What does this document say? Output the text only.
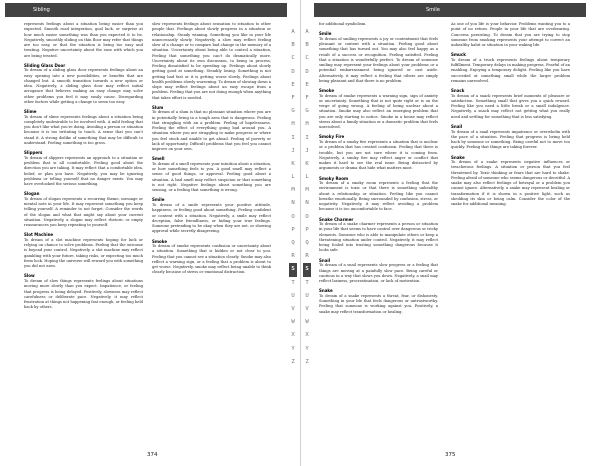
Sibling

represents feelings about a situation being easier than you expected. Smooth road integration, goal luck, or surprise at how much easier something was than you expected it to be. Negatively, smoothly sliding on thin floor may refer that things are too easy, or that the situation is being too easy and treating. Negative uncertainty about the ease with which you are being treated.

Sliding Glass Door

To dream of a sliding glass door represents feelings about an easy opening into a new possibilities, or benefits that are changed but. A smooth transition towards a new option or idea. Negatively, a sliding glass door may reflect initial arrogance that believes making an easy change may solve other problems you feel it may easily cause. Disregarding other factors while getting a change to seem too easy.

Slime

To dream of slime represents feelings about a situation being completely undesirable to be involved with. A mild feeling that you don't like what you're doing. Avoiding a person or situation because it is too irritating to touch. A sense that you can't stand it. A strong dislike of something that may be difficult to understand. Feeling something is too gross.

Slippers

To dream of slippers represents an approach to a situation or problem that is all comfortable. Feeling good about the direction you are taking. It may reflect that a comfortable idea, belief, or plan you have. Negatively, you may be ignoring problems or telling yourself that no danger exists. You may have overlooked the serious something.

Slogan

To dream of slogan represents a recurring theme, message or mental note in your life. It may represent something you keep telling yourself. A reminder to not forget. Consider the words of the slogan and what that might say about your current situation. Negatively, a slogan may reflect rhetoric or empty reassurances you keep repeating to yourself.

Slot Machine

To dream of a slot machine represents hoping for luck or relying on chance to solve problems. Feeling that the outcome is beyond your control. Negatively, a slot machine may reflect gambling with your future, taking risks, or expecting too much from luck. Hoping the universe will reward you with something you did not earn.

Slow

To dream of slow things represents feelings about situations moving more slowly than you expect. Impatience, or feeling that progress is being delayed. Positively, slowness may reflect carefulness or deliberate pace. Negatively, it may reflect frustration at things not happening fast enough, or feeling held back by others.

slow represents feelings about sensation to situation to other people that. Feelings about slowly progress in a situation or relationship. Steady winning. Something you like in your life unnecessarily slowly. Negatively, a slow may reflect feeling slow of a change or to compare bad change in the memory of a situation. Uncertainty about being able to control a situation, Feeling that something you can't do dramatically more. Uncertainty about its own discussion, to being in process, Feeling dissatisfied to be speeding up. Feelings about slowly getting good at something. Steadily losing. Something is not getting bad fast or it is getting worse slowly. Feelings about health problems slowly worsening. To dream of slowing down a slope may reflect feelings about an easy escape from a problem. Feeling that you are not doing enough when anything that takes effort is needed.

Slum

To dream of a slum is that no pleasant situation where you are in potentially living in a tough area that is dangerous. Feeling that struggling with an a problem. Feeling of hopelessness. Feeling the effect of everything going bad around you. A situation where you are struggling to make progress or where you feel stuck and unable to get ahead. Feeling of poverty or lack of opportunity. Difficult problems that you feel you cannot improve on your own.

Smell

To dream of a smell represents your intuition about a situation, or how something feels to you. A good smell may reflect a sense of good things, or approval. Feeling good about a situation. A bad smell may reflect suspicion or that something is not right. Negative feelings about something you are sensing, or a feeling that something is wrong.

Smile

To dream of a smile represents your positive attitude, happiness, or feeling good about something. Feeling confident or content with a situation. Negatively, a smile may reflect deception, false friendliness, or hiding your true feelings. Someone pretending to be okay when they are not, or showing approval while secretly disagreeing.

Smoke

To dream of smoke represents confusion or uncertainty about a situation. Something that is hidden or not clear to you. Feeling that you cannot see a situation clearly. Smoke may also reflect a warning sign, or a feeling that a problem is about to get worse. Negatively, smoke may reflect being unable to think clearly because of stress or emotional distraction.

A
B
C
D
E
F
G
H
I
J
K
L
M
N
O
P
Q
R
S
T
U
V
W
X
Y
Z
374
Smile
A
B
C
D
E
F
G
H
I
J
K
L
M
N
O
P
Q
R
S
T
U
V
W
X
Y
Z

for additional symbolism.

Smile

To dream of smiling represents a joy or contentment that feels pleasant or content with a situation. Feeling good about something that has turned out. You may also feel happy as a result of a success or recognition. Feeling satisfied. Feeling that a situation is wonderfully perfect. To dream of someone smiling may represent your feelings about your problems or a potential embarrassment being ignored or cast aside. Alternatively, it may reflect a feeling that others are simply being pleasant and that there is no problem.

Smoke

To dream of smoke represents a warning sign, sign of anxiety or uncertainty. Something that is not quite right or is on the verge of going wrong. A feeling of being unclear about a situation. Smoke may also reflect an emerging problem that you are only starting to notice. Smoke in a house may reflect stress about a family situation or a domestic problem that feels unresolved.

Smoky Fire

To dream of a smoky fire represents a situation that is unclear or a problem that has created confusion. Feeling that there is trouble, but you are not sure where it is coming from. Negatively, a smoky fire may reflect anger or conflict that makes it hard to see the real issue. Being distracted by arguments or drama that hide what matters most.

Smoky Room

To dream of a smoky room represents a feeling that the environment is toxic or that there is something unhealthy about a relationship or situation. Feeling like you cannot breathe emotionally. Being surrounded by confusion, stress, or negativity. Negatively, it may reflect avoiding a problem because it is too uncomfortable to face.

Snake Charmer

To dream of a snake charmer represents a person or situation in your life that seems to have control over dangerous or tricky elements. Someone who is able to manipulate others or keep a threatening situation under control. Negatively, it may reflect being fooled into trusting something dangerous because it looks safe.

Snail

To dream of a snail represents slow progress or a feeling that things are moving at a painfully slow pace. Being careful or cautious in a way that slows you down. Negatively, a snail may reflect laziness, procrastination, or lack of motivation.

Snake

To dream of a snake represents a threat, fear, or dishonesty. Something in your life that feels dangerous or untrustworthy. Feeling that someone is working against you. Positively, a snake may reflect transformation or healing.

As one of you life is your behavior. Problems wanting you to a point of no return. People in your life that are overbearing. Concerns persisting. To dream that you are trying to stop someone from smoking represents your attempt to correct an unhealthy habit or situation in your waking life.

Smuck

To dream of a truck represents feelings about temporary fulfillment. Temporary delays in making progress. Fearful of an enabling. Enjoying a temporary delight. Feeling like you have succeeded at something small while the larger problem remains unresolved.

Snack

To dream of a snack represents brief moments of pleasure or satisfaction. Something small that gives you a quick reward. Feeling like you need a little break or a small indulgence. Negatively, a snack may reflect not getting what you really need and settling for something that is less satisfying.

Snail

To dream of a snail represents impatience or overwhelm with the pace of a situation. Feeling that progress is being held back by someone or something. Being careful not to move too quickly. Feeling that things are taking forever.

Snake

To dream of a snake represents negative influences or treacherous feelings. A situation or person that you feel threatened by. Toxic thinking or fears that are hard to shake. Feeling afraid of someone who seems dangerous or deceitful. A snake may also reflect feelings of betrayal or a problem you cannot ignore. Alternatively, a snake may represent healing or transformation if it is shown in a positive light, such as shedding its skin or being calm. Consider the color of the snake for additional meaning.

375
